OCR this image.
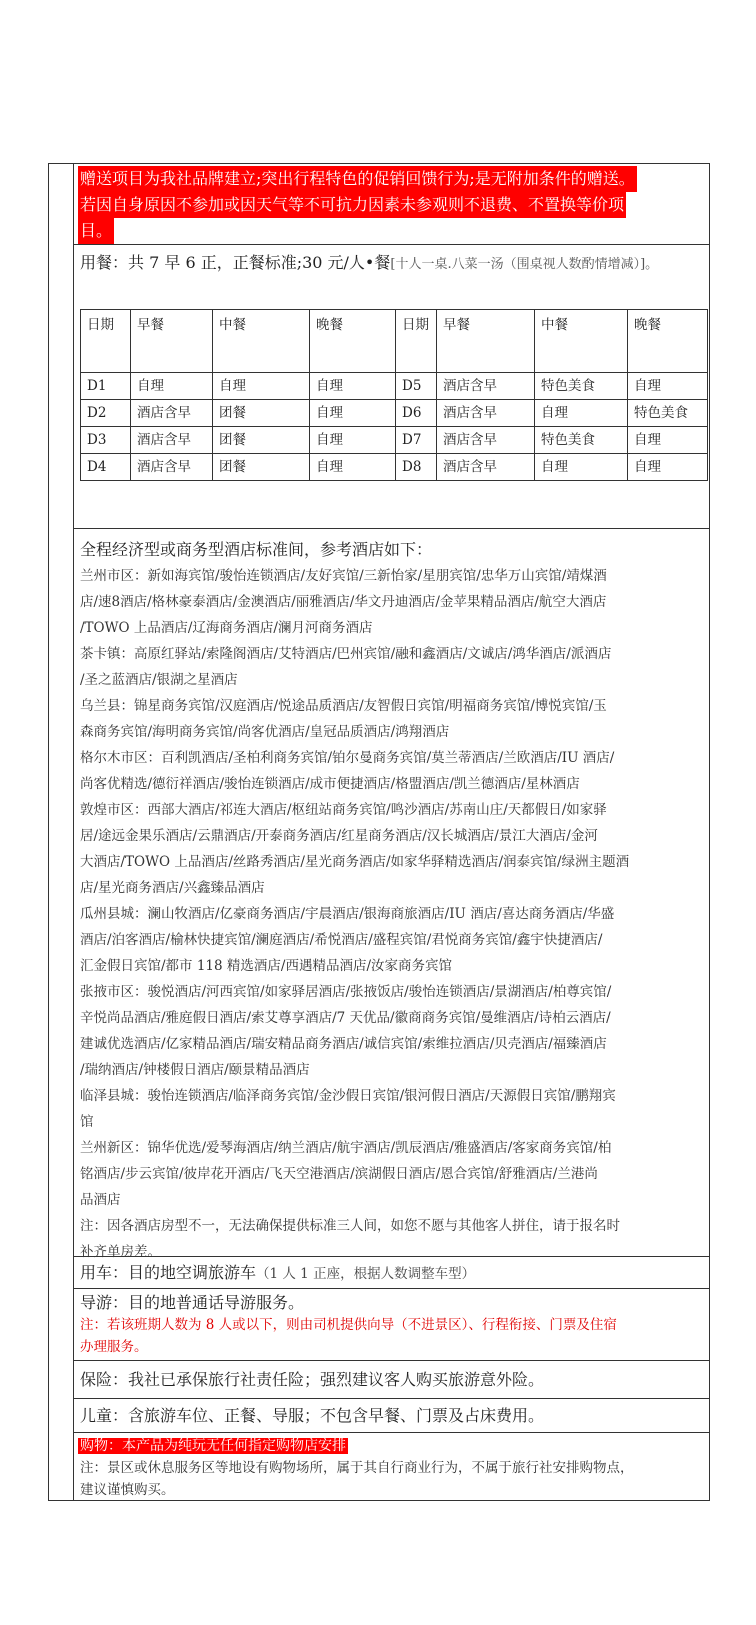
赠送项目为我社品牌建立;突出行程特色的促销回馈行为;是无附加条件的赠送。
若因自身原因不参加或因天气等不可抗力因素未参观则不退费、不置换等价项
目。
用餐：共 7 早 6 正，正餐标准;30 元/人•餐[十人一桌.八菜一汤（围桌视人数酌情增减）]。
日期	早餐	中餐	晚餐	日期	早餐	中餐	晚餐
D1	自理	自理	自理	D5	酒店含早	特色美食	自理
D2	酒店含早	团餐	自理	D6	酒店含早	自理	特色美食
D3	酒店含早	团餐	自理	D7	酒店含早	特色美食	自理
D4	酒店含早	团餐	自理	D8	酒店含早	自理	自理
全程经济型或商务型酒店标准间，参考酒店如下：
兰州市区：新如海宾馆/骏怡连锁酒店/友好宾馆/三新怡家/星朋宾馆/忠华万山宾馆/靖煤酒
店/速8酒店/格林豪泰酒店/金澳酒店/丽雅酒店/华文丹迪酒店/金苹果精品酒店/航空大酒店
/TOWO 上品酒店/辽海商务酒店/澜月河商务酒店
茶卡镇：高原红驿站/索隆阁酒店/艾特酒店/巴州宾馆/融和鑫酒店/文诚店/鸿华酒店/派酒店
/圣之蓝酒店/银湖之星酒店
乌兰县：锦星商务宾馆/汉庭酒店/悦途品质酒店/友智假日宾馆/明福商务宾馆/博悦宾馆/玉
森商务宾馆/海明商务宾馆/尚客优酒店/皇冠品质酒店/鸿翔酒店
格尔木市区：百利凯酒店/圣柏利商务宾馆/铂尔曼商务宾馆/莫兰蒂酒店/兰欧酒店/IU 酒店/
尚客优精选/德衍祥酒店/骏怡连锁酒店/成市便捷酒店/格盟酒店/凯兰德酒店/星林酒店
敦煌市区：西部大酒店/祁连大酒店/枢纽站商务宾馆/鸣沙酒店/苏南山庄/天都假日/如家驿
居/途远金果乐酒店/云鼎酒店/开泰商务酒店/红星商务酒店/汉长城酒店/景江大酒店/金河
大酒店/TOWO 上品酒店/丝路秀酒店/星光商务酒店/如家华驿精选酒店/润泰宾馆/绿洲主题酒
店/星光商务酒店/兴鑫臻品酒店
瓜州县城：澜山牧酒店/亿豪商务酒店/宇晨酒店/银海商旅酒店/IU 酒店/喜达商务酒店/华盛
酒店/泊客酒店/榆林快捷宾馆/澜庭酒店/希悦酒店/盛程宾馆/君悦商务宾馆/鑫宇快捷酒店/
汇金假日宾馆/都市 118 精选酒店/西遇精品酒店/汝家商务宾馆
张掖市区：骏悦酒店/河西宾馆/如家驿居酒店/张掖饭店/骏怡连锁酒店/景湖酒店/柏尊宾馆/
辛悦尚品酒店/雅庭假日酒店/索艾尊享酒店/7 天优品/徽商商务宾馆/曼维酒店/诗柏云酒店/
建诚优选酒店/亿家精品酒店/瑞安精品商务酒店/诚信宾馆/索维拉酒店/贝壳酒店/福臻酒店
/瑞纳酒店/钟楼假日酒店/颐景精品酒店
临泽县城：骏怡连锁酒店/临泽商务宾馆/金沙假日宾馆/银河假日酒店/天源假日宾馆/鹏翔宾
馆
兰州新区：锦华优选/爱琴海酒店/纳兰酒店/航宇酒店/凯辰酒店/雅盛酒店/客家商务宾馆/柏
铭酒店/步云宾馆/彼岸花开酒店/飞天空港酒店/滨湖假日酒店/恩合宾馆/舒雅酒店/兰港尚
品酒店
注：因各酒店房型不一，无法确保提供标准三人间，如您不愿与其他客人拼住，请于报名时
补齐单房差。
用车：目的地空调旅游车（1 人 1 正座，根据人数调整车型）
导游：目的地普通话导游服务。
注：若该班期人数为 8 人或以下，则由司机提供向导（不进景区）、行程衔接、门票及住宿
办理服务。
保险：我社已承保旅行社责任险；强烈建议客人购买旅游意外险。
儿童：含旅游车位、正餐、导服；不包含早餐、门票及占床费用。
购物：本产品为纯玩无任何指定购物店安排
注：景区或休息服务区等地设有购物场所，属于其自行商业行为，不属于旅行社安排购物点，
建议谨慎购买。
